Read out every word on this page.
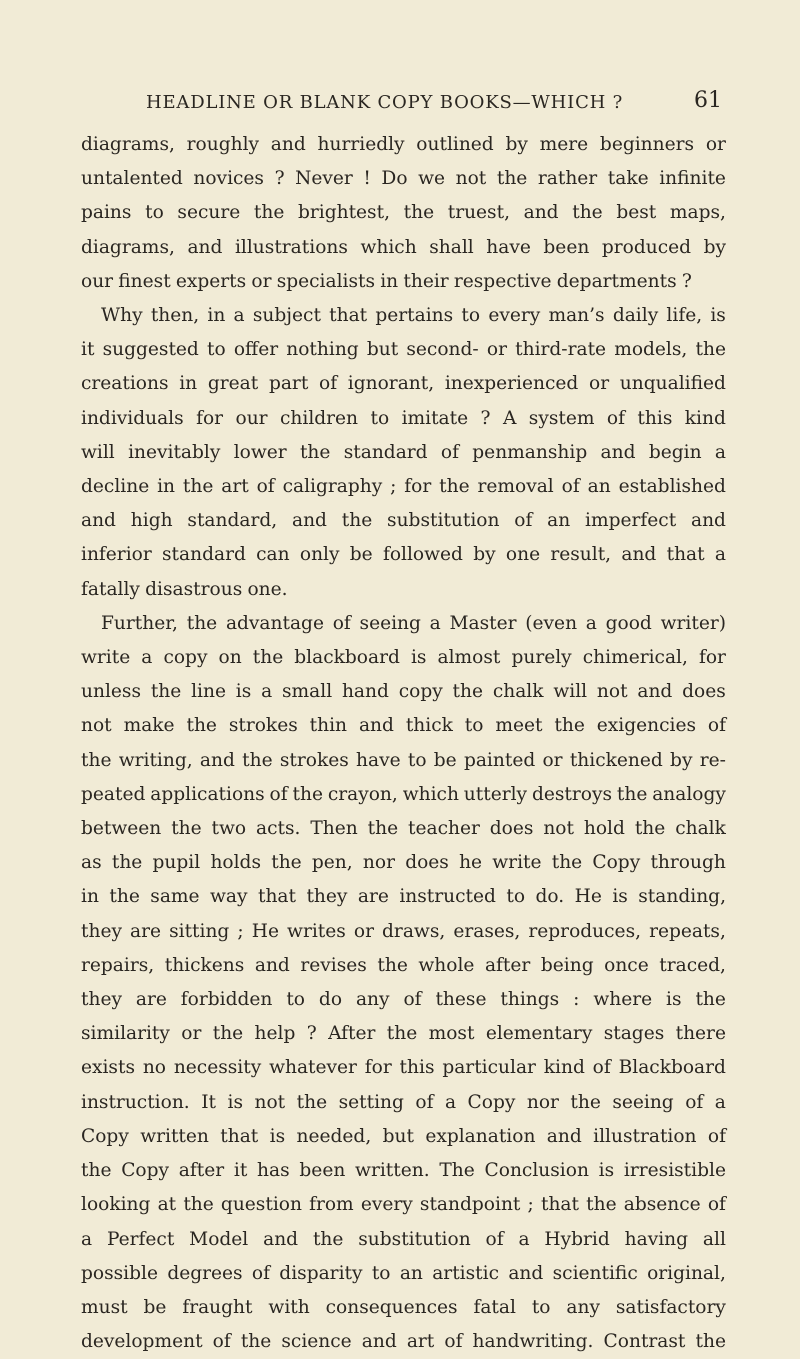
HEADLINE OR BLANK COPY BOOKS—WHICH ?	61
diagrams, roughly and hurriedly outlined by mere beginners or
untalented novices ? Never ! Do we not the rather take infinite
pains to secure the brightest, the truest, and the best maps,
diagrams, and illustrations which shall have been produced by
our finest experts or specialists in their respective departments ?
Why then, in a subject that pertains to every man’s daily life, is
it suggested to offer nothing but second- or third-rate models, the
creations in great part of ignorant, inexperienced or unqualified
individuals for our children to imitate ? A system of this kind
will inevitably lower the standard of penmanship and begin a
decline in the art of caligraphy ; for the removal of an established
and high standard, and the substitution of an imperfect and
inferior standard can only be followed by one result, and that a
fatally disastrous one.
Further, the advantage of seeing a Master (even a good writer)
write a copy on the blackboard is almost purely chimerical, for
unless the line is a small hand copy the chalk will not and does
not make the strokes thin and thick to meet the exigencies of
the writing, and the strokes have to be painted or thickened by re-
peated applications of the crayon, which utterly destroys the analogy
between the two acts. Then the teacher does not hold the chalk
as the pupil holds the pen, nor does he write the Copy through
in the same way that they are instructed to do. He is standing,
they are sitting ; He writes or draws, erases, reproduces, repeats,
repairs, thickens and revises the whole after being once traced,
they are forbidden to do any of these things : where is the
similarity or the help ? After the most elementary stages there
exists no necessity whatever for this particular kind of Blackboard
instruction. It is not the setting of a Copy nor the seeing of a
Copy written that is needed, but explanation and illustration of
the Copy after it has been written. The Conclusion is irresistible
looking at the question from every standpoint ; that the absence of
a Perfect Model and the substitution of a Hybrid having all
possible degrees of disparity to an artistic and scientific original,
must be fraught with consequences fatal to any satisfactory
development of the science and art of handwriting. Contrast the
